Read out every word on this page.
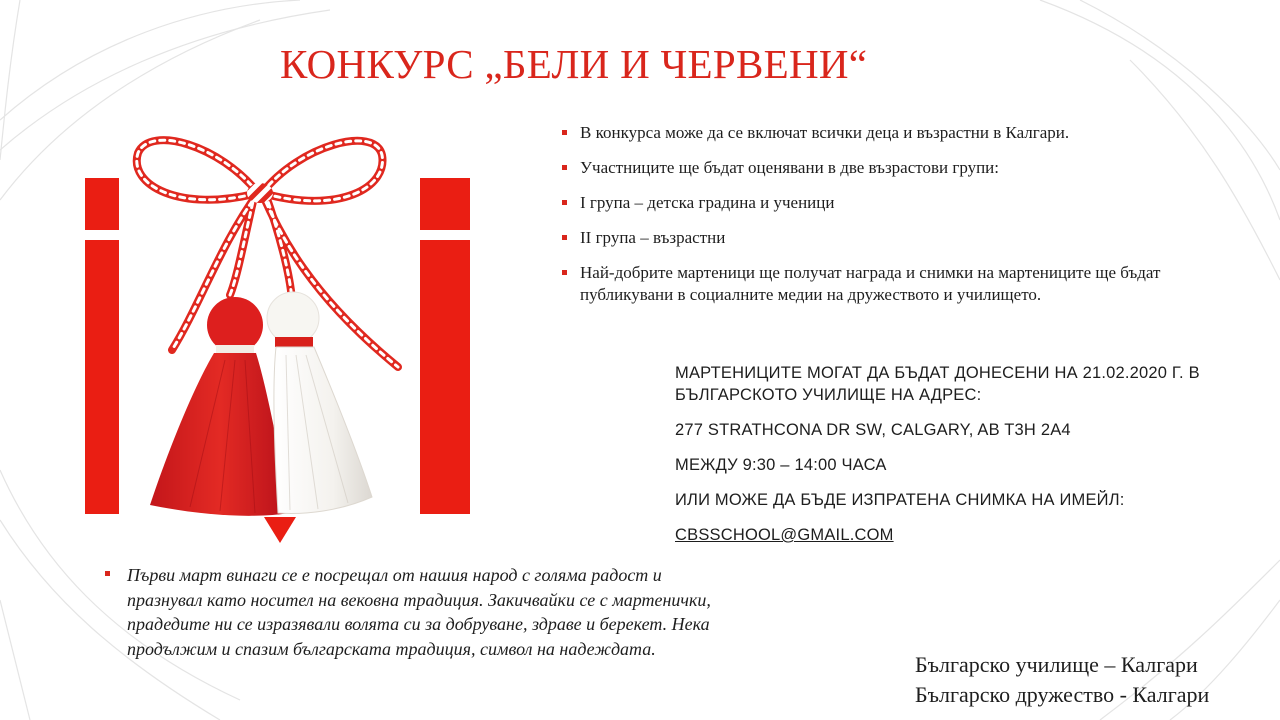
КОНКУРС „БЕЛИ И ЧЕРВЕНИ“
В конкурса може да се включат всички деца и възрастни в Калгари.
Участниците ще бъдат оценявани в две възрастови групи:
I група – детска градина и ученици
II група – възрастни
Най-добрите мартеници ще получат награда и снимки на мартениците ще бъдат публикувани в социалните медии на дружеството и училището.

МАРТЕНИЦИТЕ МОГАТ ДА БЪДАТ ДОНЕСЕНИ НА 21.02.2020 Г. В БЪЛГАРСКОТО УЧИЛИЩЕ НА АДРЕС:

277 STRATHCONA DR SW, CALGARY, AB T3H 2A4

МЕЖДУ 9:30 – 14:00 ЧАСА

ИЛИ МОЖЕ ДА БЪДЕ ИЗПРАТЕНА СНИМКА НА ИМЕЙЛ:

CBSSCHOOL@GMAIL.COM

Първи март винаги се е посрещал от нашия народ с голяма радост и празнувал като носител на вековна традиция. Закичвайки се с мартенички, прадедите ни се изразявали волята си за добруване, здраве и берекет. Нека продължим и спазим българската традиция, символ на надеждата.
Българско училище – Калгари
Българско дружество - Калгари
